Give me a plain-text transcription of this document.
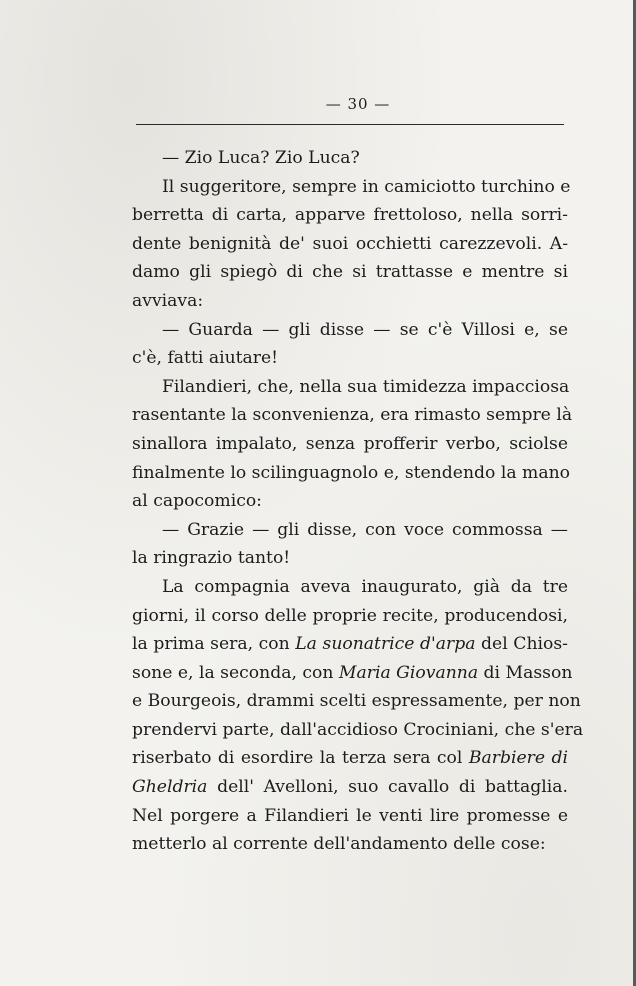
— 30 —
— Zio Luca? Zio Luca?
Il suggeritore, sempre in camiciotto turchino e
berretta di carta, apparve frettoloso, nella sorri-
dente benignità de' suoi occhietti carezzevoli. A-
damo gli spiegò di che si trattasse e mentre si
avviava:
— Guarda — gli disse — se c'è Villosi e, se
c'è, fatti aiutare!
Filandieri, che, nella sua timidezza impacciosa
rasentante la sconvenienza, era rimasto sempre là
sinallora impalato, senza profferir verbo, sciolse
finalmente lo scilinguagnolo e, stendendo la mano
al capocomico:
— Grazie — gli disse, con voce commossa —
la ringrazio tanto!
La compagnia aveva inaugurato, già da tre
giorni, il corso delle proprie recite, producendosi,
la prima sera, con La suonatrice d'arpa del Chios-
sone e, la seconda, con Maria Giovanna di Masson
e Bourgeois, drammi scelti espressamente, per non
prendervi parte, dall'accidioso Crociniani, che s'era
riserbato di esordire la terza sera col Barbiere di
Gheldria dell' Avelloni, suo cavallo di battaglia.
Nel porgere a Filandieri le venti lire promesse e
metterlo al corrente dell'andamento delle cose:
